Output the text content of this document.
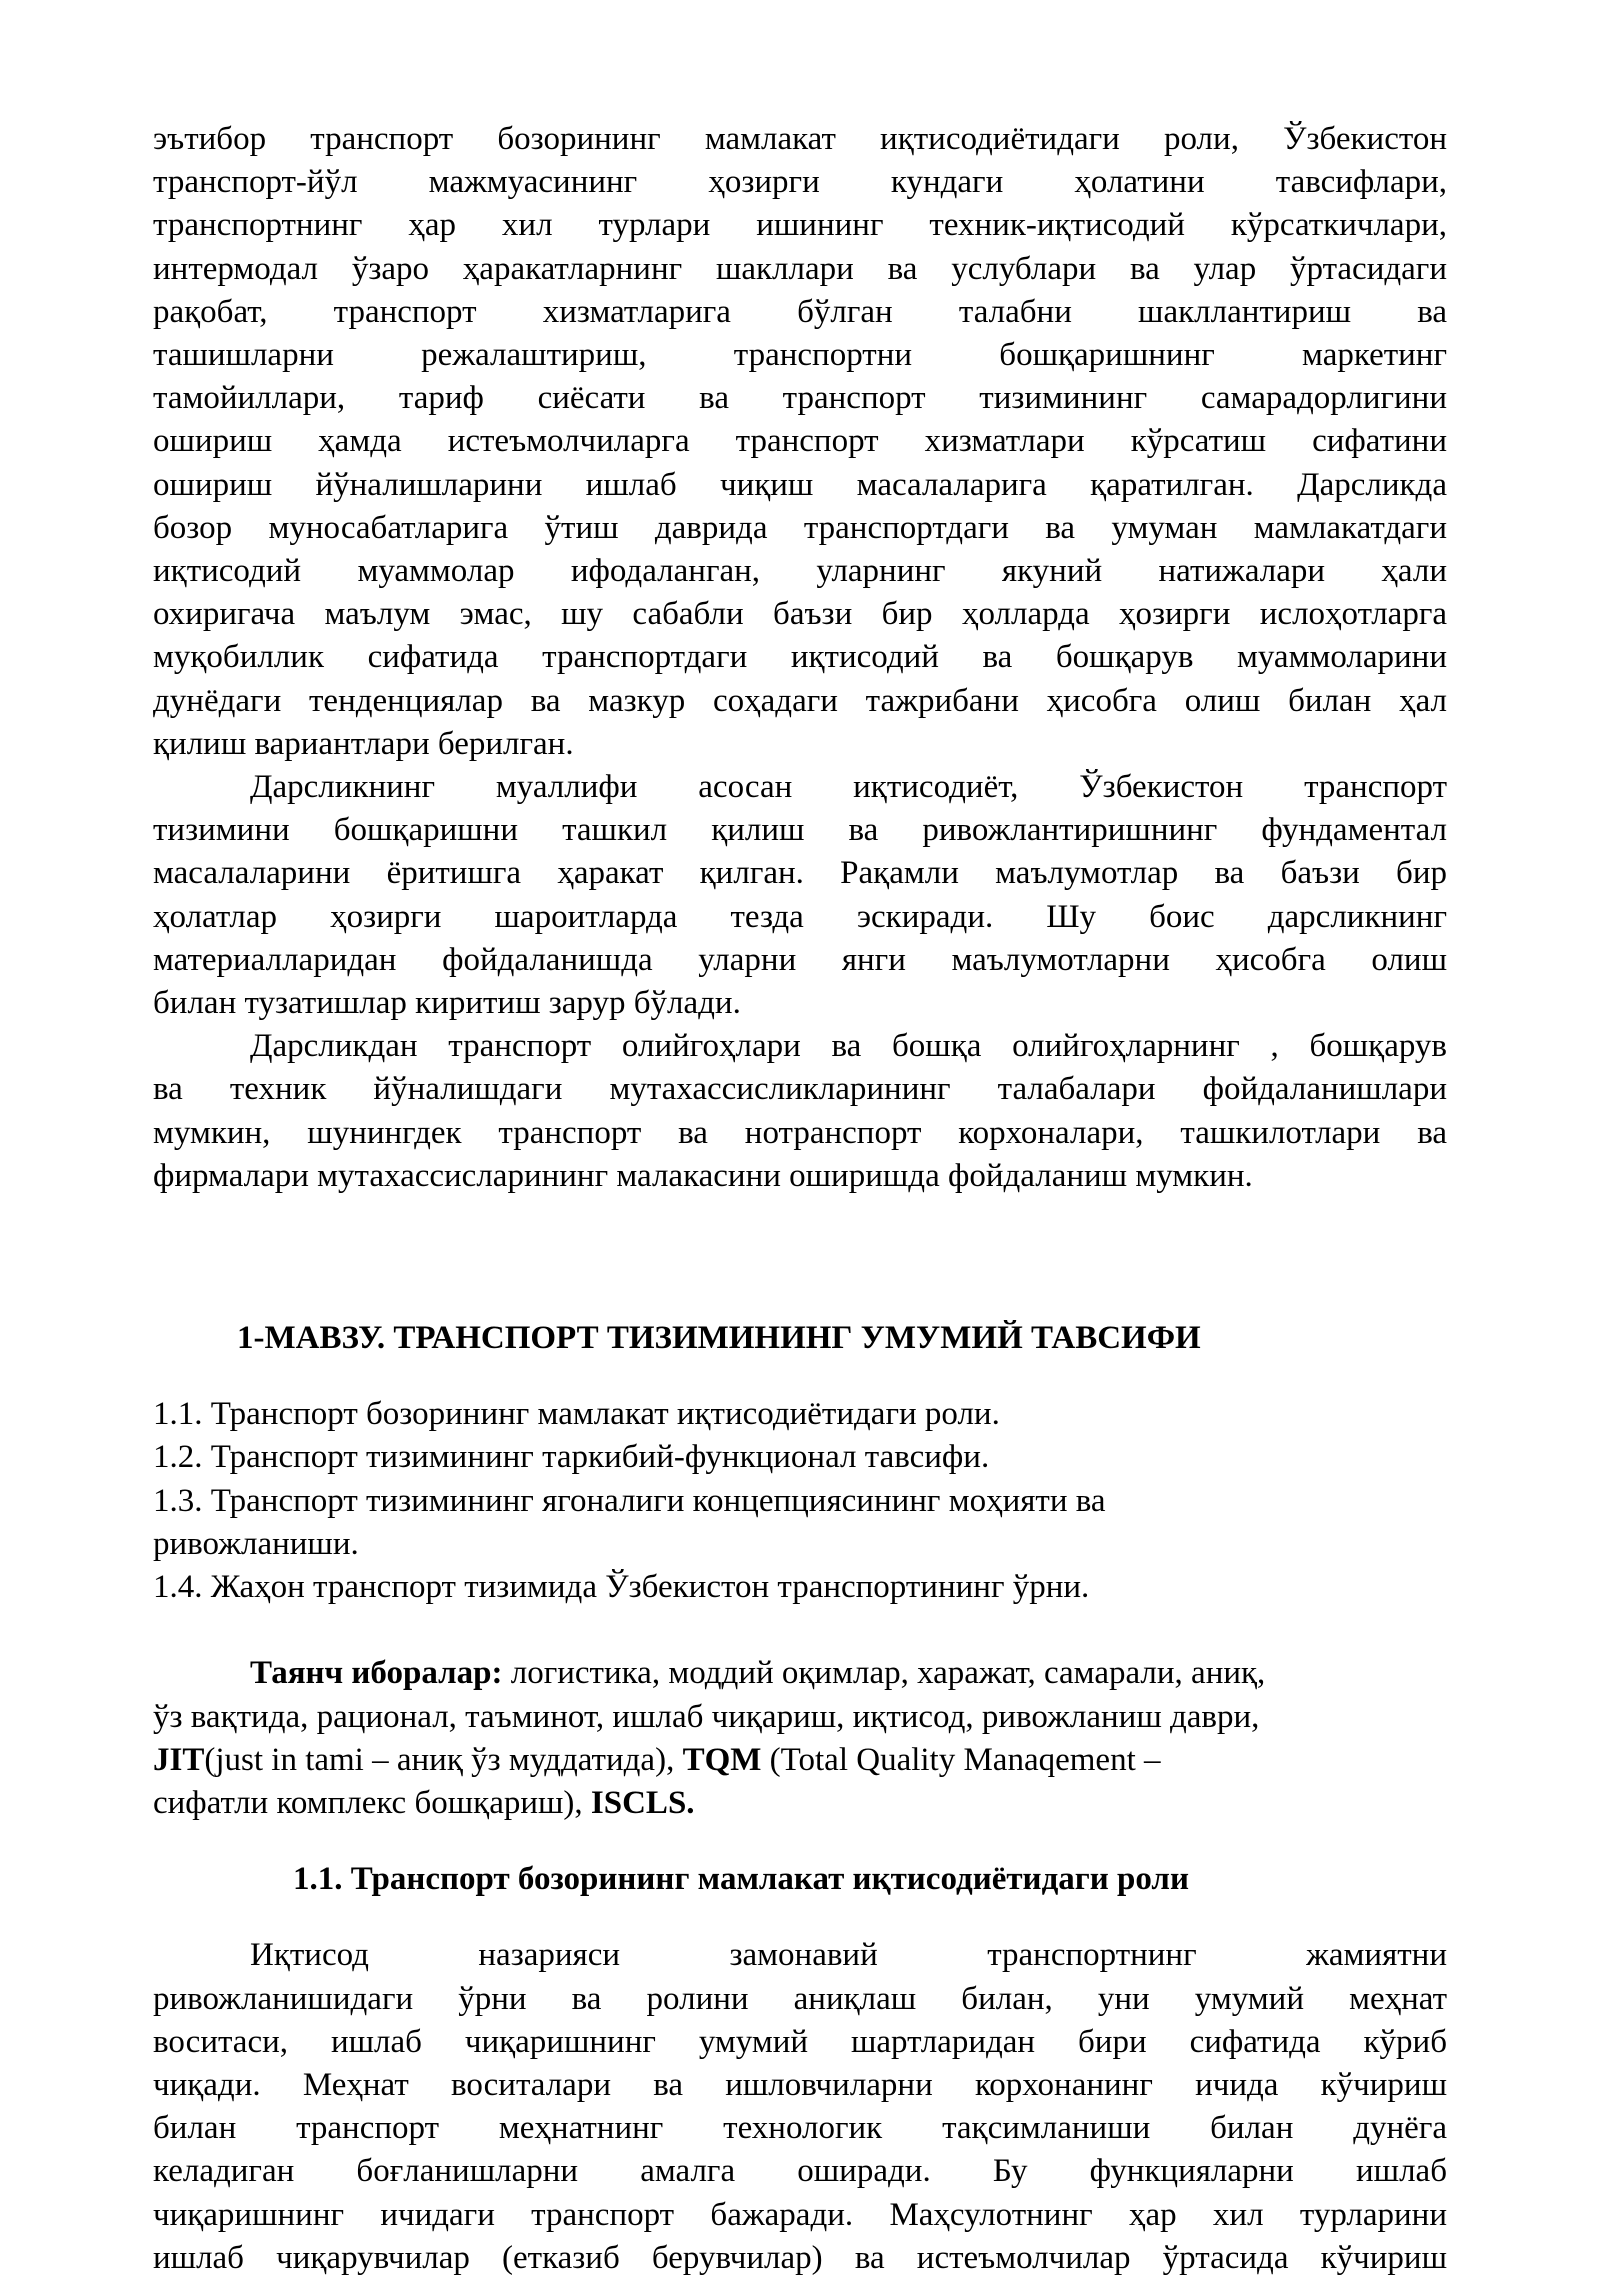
эътибор транспорт бозорининг мамлакат иқтисодиётидаги роли, Ўзбекистон

транспорт-йўл мажмуасининг ҳозирги кундаги ҳолатини тавсифлари,

транспортнинг ҳар хил турлари ишининг техник-иқтисодий кўрсаткичлари,

интермодал ўзаро ҳаракатларнинг шакллари ва услублари ва улар ўртасидаги

рақобат, транспорт хизматларига бўлган талабни шакллантириш ва

ташишларни режалаштириш, транспортни бошқаришнинг маркетинг

тамойиллари, тариф сиёсати ва транспорт тизимининг самарадорлигини

ошириш ҳамда истеъмолчиларга транспорт хизматлари кўрсатиш сифатини

ошириш йўналишларини ишлаб чиқиш масалаларига қаратилган. Дарсликда

бозор муносабатларига ўтиш даврида транспортдаги ва умуман мамлакатдаги

иқтисодий муаммолар ифодаланган, уларнинг якуний натижалари ҳали

охиригача маълум эмас, шу сабабли баъзи бир ҳолларда ҳозирги ислоҳотларга

муқобиллик сифатида транспортдаги иқтисодий ва бошқарув муаммоларини

дунёдаги тенденциялар ва мазкур соҳадаги тажрибани ҳисобга олиш билан ҳал

қилиш вариантлари берилган.

Дарсликнинг муаллифи асосан иқтисодиёт, Ўзбекистон транспорт

тизимини бошқаришни ташкил қилиш ва ривожлантиришнинг фундаментал

масалаларини ёритишга ҳаракат қилган. Рақамли маълумотлар ва баъзи бир

ҳолатлар ҳозирги шароитларда тезда эскиради. Шу боис дарсликнинг

материалларидан фойдаланишда уларни янги маълумотларни ҳисобга олиш

билан тузатишлар киритиш зарур бўлади.

Дарсликдан транспорт олийгоҳлари ва бошқа олийгоҳларнинг , бошқарув

ва техник йўналишдаги мутахассисликларининг талабалари фойдаланишлари

мумкин, шунингдек транспорт ва нотранспорт корхоналари, ташкилотлари ва

фирмалари мутахассисларининг малакасини оширишда фойдаланиш мумкин.

1-МАВЗУ. ТРАНСПОРТ ТИЗИМИНИНГ УМУМИЙ ТАВСИФИ

1.1. Транспорт бозорининг мамлакат иқтисодиётидаги роли.

1.2. Транспорт тизимининг таркибий-функционал тавсифи.

1.3. Транспорт тизимининг ягоналиги концепциясининг моҳияти ва

ривожланиши.

1.4. Жаҳон транспорт тизимида Ўзбекистон транспортининг ўрни.

Таянч иборалар: логистика, моддий оқимлар, харажат, самарали, аниқ,

ўз вақтида, рационал, таъминот, ишлаб чиқариш, иқтисод, ривожланиш даври,

JIT(just in tami – аниқ ўз муддатида), TQM (Total Quality Manaqement –

сифатли комплекс бошқариш), ISCLS.

1.1. Транспорт бозорининг мамлакат иқтисодиётидаги роли

Иқтисод назарияси замонавий транспортнинг жамиятни

ривожланишидаги ўрни ва ролини аниқлаш билан, уни умумий меҳнат

воситаси, ишлаб чиқаришнинг умумий шартларидан бири сифатида кўриб

чиқади. Меҳнат воситалари ва ишловчиларни корхонанинг ичида кўчириш

билан транспорт меҳнатнинг технологик тақсимланиши билан дунёга

келадиган боғланишларни амалга оширади. Бу функцияларни ишлаб

чиқаришнинг ичидаги транспорт бажаради. Маҳсулотнинг ҳар хил турларини

ишлаб чиқарувчилар (етказиб берувчилар) ва истеъмолчилар ўртасида кўчириш
